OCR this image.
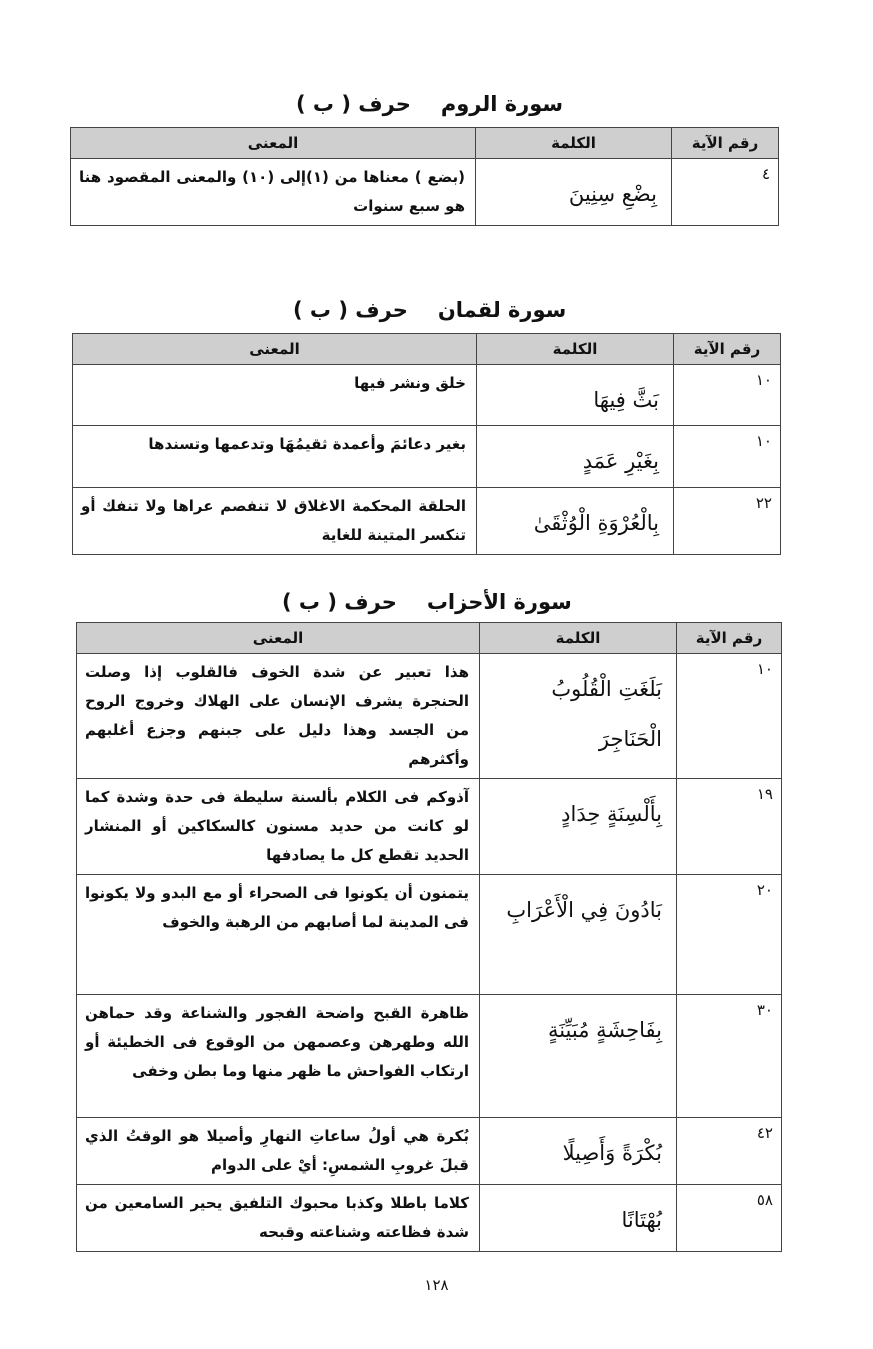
سورة الرومحرف ( ب )
رقم الآية	الكلمة	المعنى
٤	بِضْعِ سِنِينَ	(بضع ) معناها من (١)إلى (١٠) والمعنى المقصود هنا هو سبع سنوات
سورة لقمانحرف ( ب )
رقم الآية	الكلمة	المعنى
١٠	بَثَّ فِيهَا	خلق ونشر فيها
١٠	بِغَيْرِ عَمَدٍ	بغير دعائمَ وأعمدة ثقيمُهَا وتدعمها وتسندها
٢٢	بِالْعُرْوَةِ الْوُثْقَىٰ	الحلقة المحكمة الاغلاق لا تنفصم عراها ولا تنفك أو تنكسر المتينة للغاية
سورة الأحزابحرف ( ب )
رقم الآية	الكلمة	المعنى
١٠	بَلَغَتِ الْقُلُوبُ الْحَنَاجِرَ	هذا تعبير عن شدة الخوف فالقلوب إذا وصلت الحنجرة يشرف الإنسان على الهلاك وخروج الروح من الجسد وهذا دليل على جبنهم وجزع أغلبهم وأكثرهم
١٩	بِأَلْسِنَةٍ حِدَادٍ	آذوكم فى الكلام بألسنة سليطة فى حدة وشدة كما لو كانت من حديد مسنون كالسكاكين أو المنشار الحديد تقطع كل ما يصادفها
٢٠	بَادُونَ فِي الْأَعْرَابِ	يتمنون أن يكونوا فى الصحراء أو مع البدو ولا يكونوا فى المدينة لما أصابهم من الرهبة والخوف
٣٠	بِفَاحِشَةٍ مُبَيِّنَةٍ	ظاهرة القبح واضحة الفجور والشناعة وقد حماهن الله وطهرهن وعصمهن من الوقوع فى الخطيئة أو ارتكاب الفواحش ما ظهر منها وما بطن وخفى
٤٢	بُكْرَةً وَأَصِيلًا	بُكرة هي أولُ ساعاتِ النهارِ وأصيلا هو الوقتُ الذي قبلَ غروبِ الشمسِ: أيْ على الدوام
٥٨	بُهْتَانًا	كلاما باطلا وكذبا محبوك التلفيق يحير السامعين من شدة فظاعته وشناعته وقبحه
١٢٨
